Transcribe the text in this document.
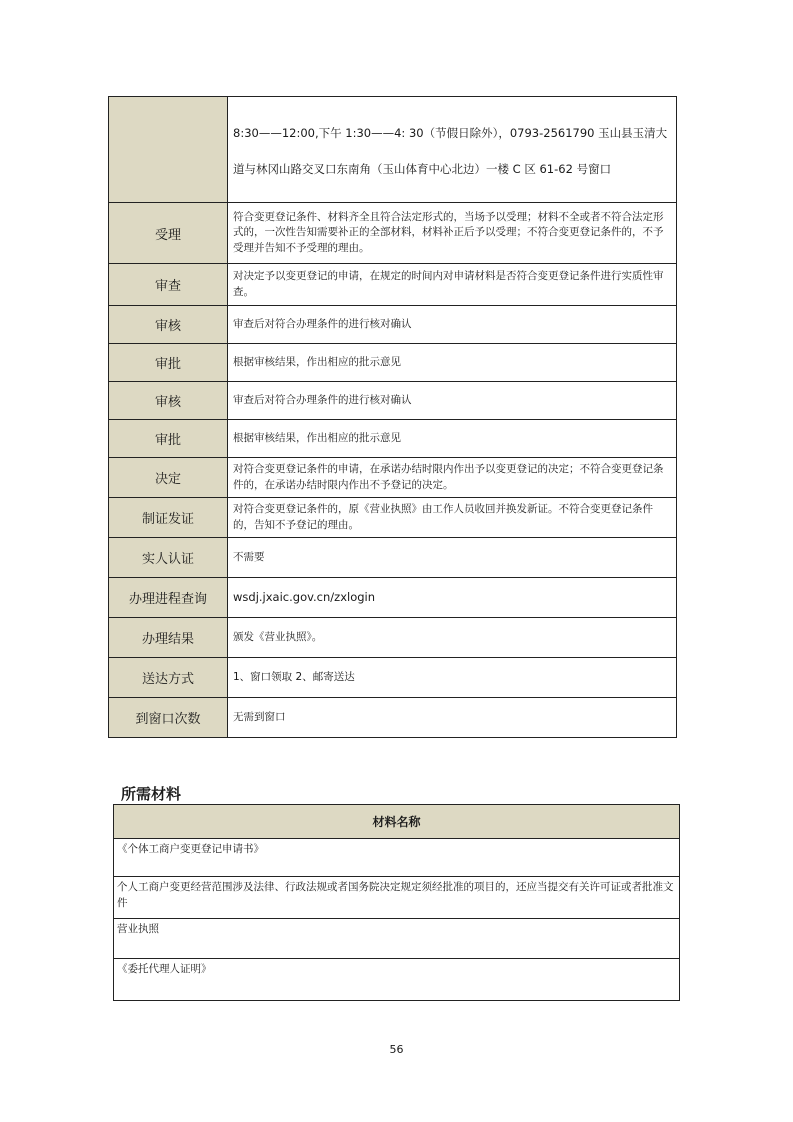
	8:30——12:00,下午 1:30——4: 30（节假日除外），0793-2561790 玉山县玉清大道与林冈山路交叉口东南角（玉山体育中心北边）一楼 C 区 61-62 号窗口
受理	符合变更登记条件、材料齐全且符合法定形式的，当场予以受理；材料不全或者不符合法定形式的，一次性告知需要补正的全部材料，材料补正后予以受理；不符合变更登记条件的，不予受理并告知不予受理的理由。
审查	对决定予以变更登记的申请，在规定的时间内对申请材料是否符合变更登记条件进行实质性审查。
审核	审查后对符合办理条件的进行核对确认
审批	根据审核结果，作出相应的批示意见
审核	审查后对符合办理条件的进行核对确认
审批	根据审核结果，作出相应的批示意见
决定	对符合变更登记条件的申请，在承诺办结时限内作出予以变更登记的决定；不符合变更登记条件的，在承诺办结时限内作出不予登记的决定。
制证发证	对符合变更登记条件的，原《营业执照》由工作人员收回并换发新证。不符合变更登记条件的，告知不予登记的理由。
实人认证	不需要
办理进程查询	wsdj.jxaic.gov.cn/zxlogin
办理结果	颁发《营业执照》。
送达方式	1、窗口领取 2、邮寄送达
到窗口次数	无需到窗口
所需材料
材料名称
《个体工商户变更登记申请书》
个人工商户变更经营范围涉及法律、行政法规或者国务院决定规定须经批准的项目的，还应当提交有关许可证或者批准文件
营业执照
《委托代理人证明》
56
